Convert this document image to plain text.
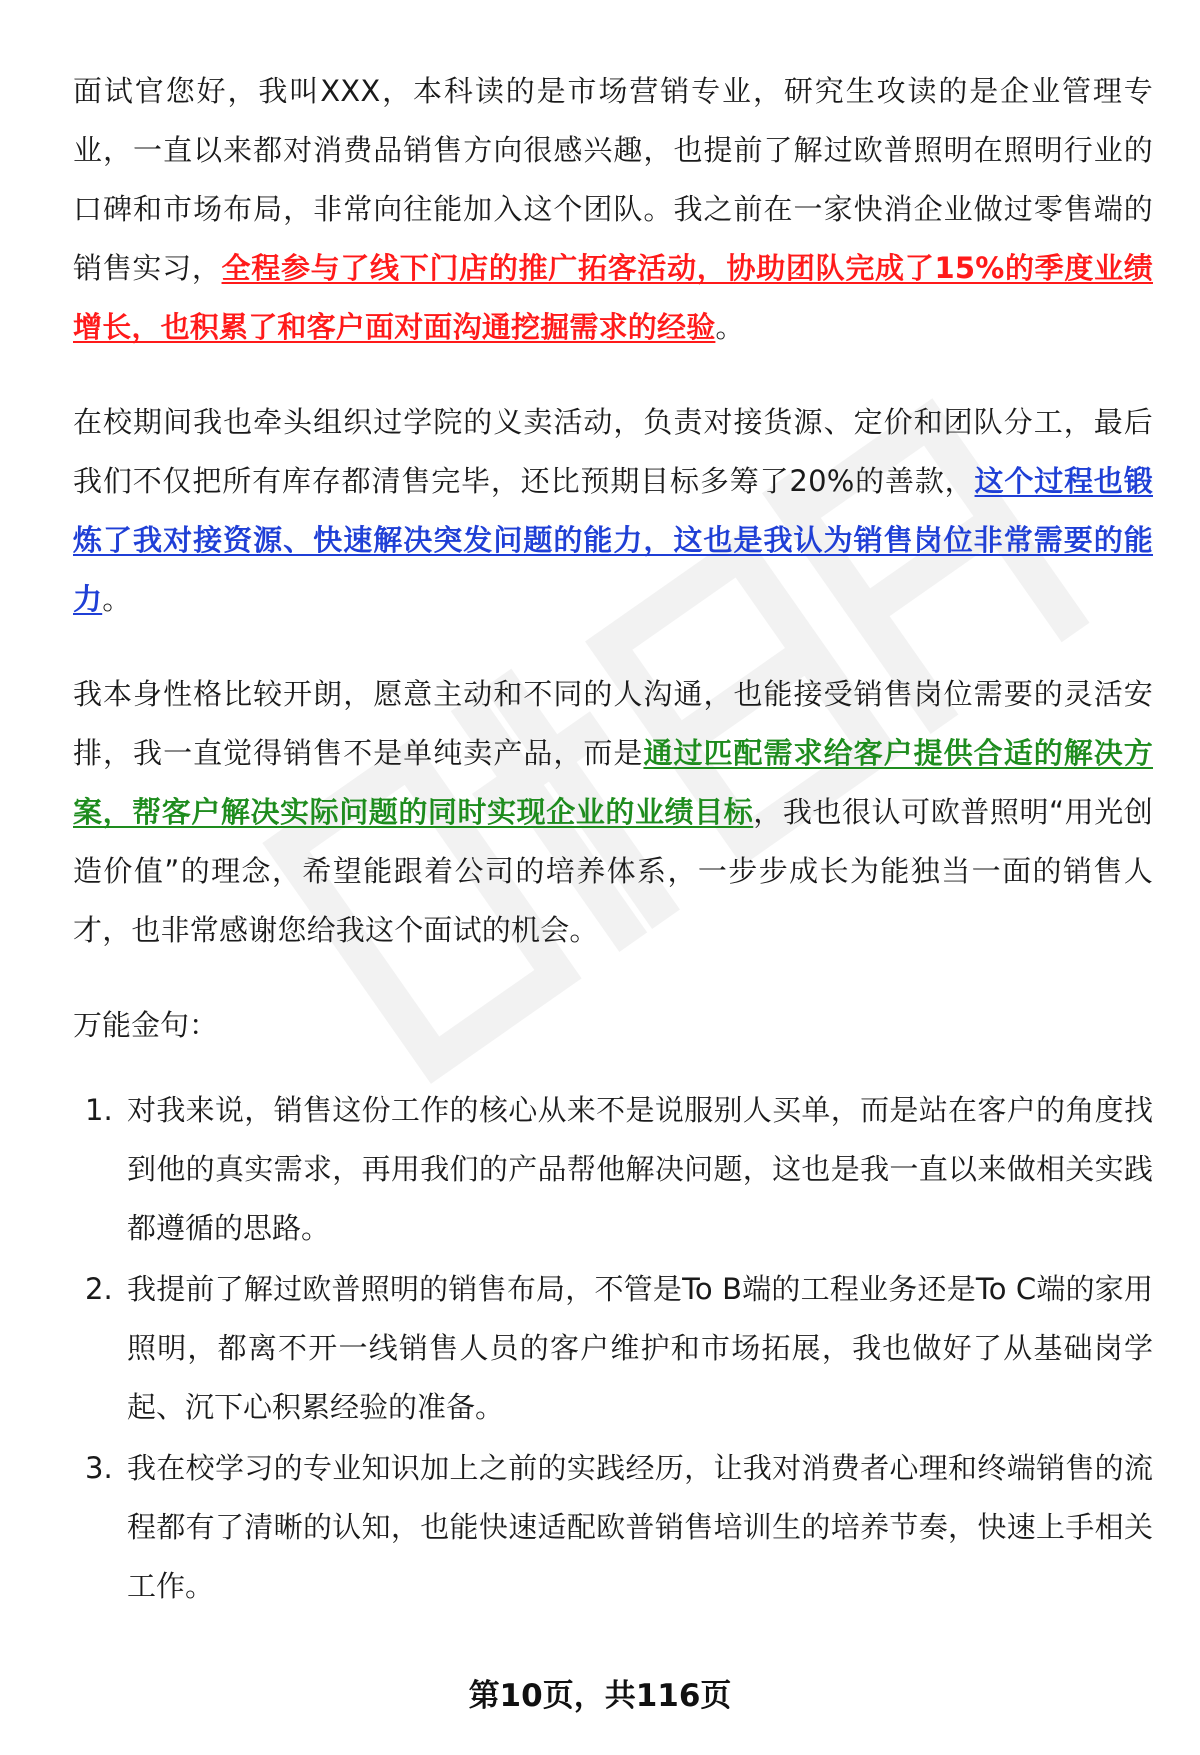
面试官您好，我叫XXX，本科读的是市场营销专业，研究生攻读的是企业管理专业，一直以来都对消费品销售方向很感兴趣，也提前了解过欧普照明在照明行业的口碑和市场布局，非常向往能加入这个团队。我之前在一家快消企业做过零售端的销售实习，全程参与了线下门店的推广拓客活动，协助团队完成了15%的季度业绩增长，也积累了和客户面对面沟通挖掘需求的经验。

在校期间我也牵头组织过学院的义卖活动，负责对接货源、定价和团队分工，最后我们不仅把所有库存都清售完毕，还比预期目标多筹了20%的善款，这个过程也锻炼了我对接资源、快速解决突发问题的能力，这也是我认为销售岗位非常需要的能力。

我本身性格比较开朗，愿意主动和不同的人沟通，也能接受销售岗位需要的灵活安排，我一直觉得销售不是单纯卖产品，而是通过匹配需求给客户提供合适的解决方案，帮客户解决实际问题的同时实现企业的业绩目标，我也很认可欧普照明“用光创造价值”的理念，希望能跟着公司的培养体系，一步步成长为能独当一面的销售人才，也非常感谢您给我这个面试的机会。

万能金句：

1. 对我来说，销售这份工作的核心从来不是说服别人买单，而是站在客户的角度找到他的真实需求，再用我们的产品帮他解决问题，这也是我一直以来做相关实践都遵循的思路。
2. 我提前了解过欧普照明的销售布局，不管是To B端的工程业务还是To C端的家用照明，都离不开一线销售人员的客户维护和市场拓展，我也做好了从基础岗学起、沉下心积累经验的准备。
3. 我在校学习的专业知识加上之前的实践经历，让我对消费者心理和终端销售的流程都有了清晰的认知，也能快速适配欧普销售培训生的培养节奏，快速上手相关工作。
第10页，共116页
